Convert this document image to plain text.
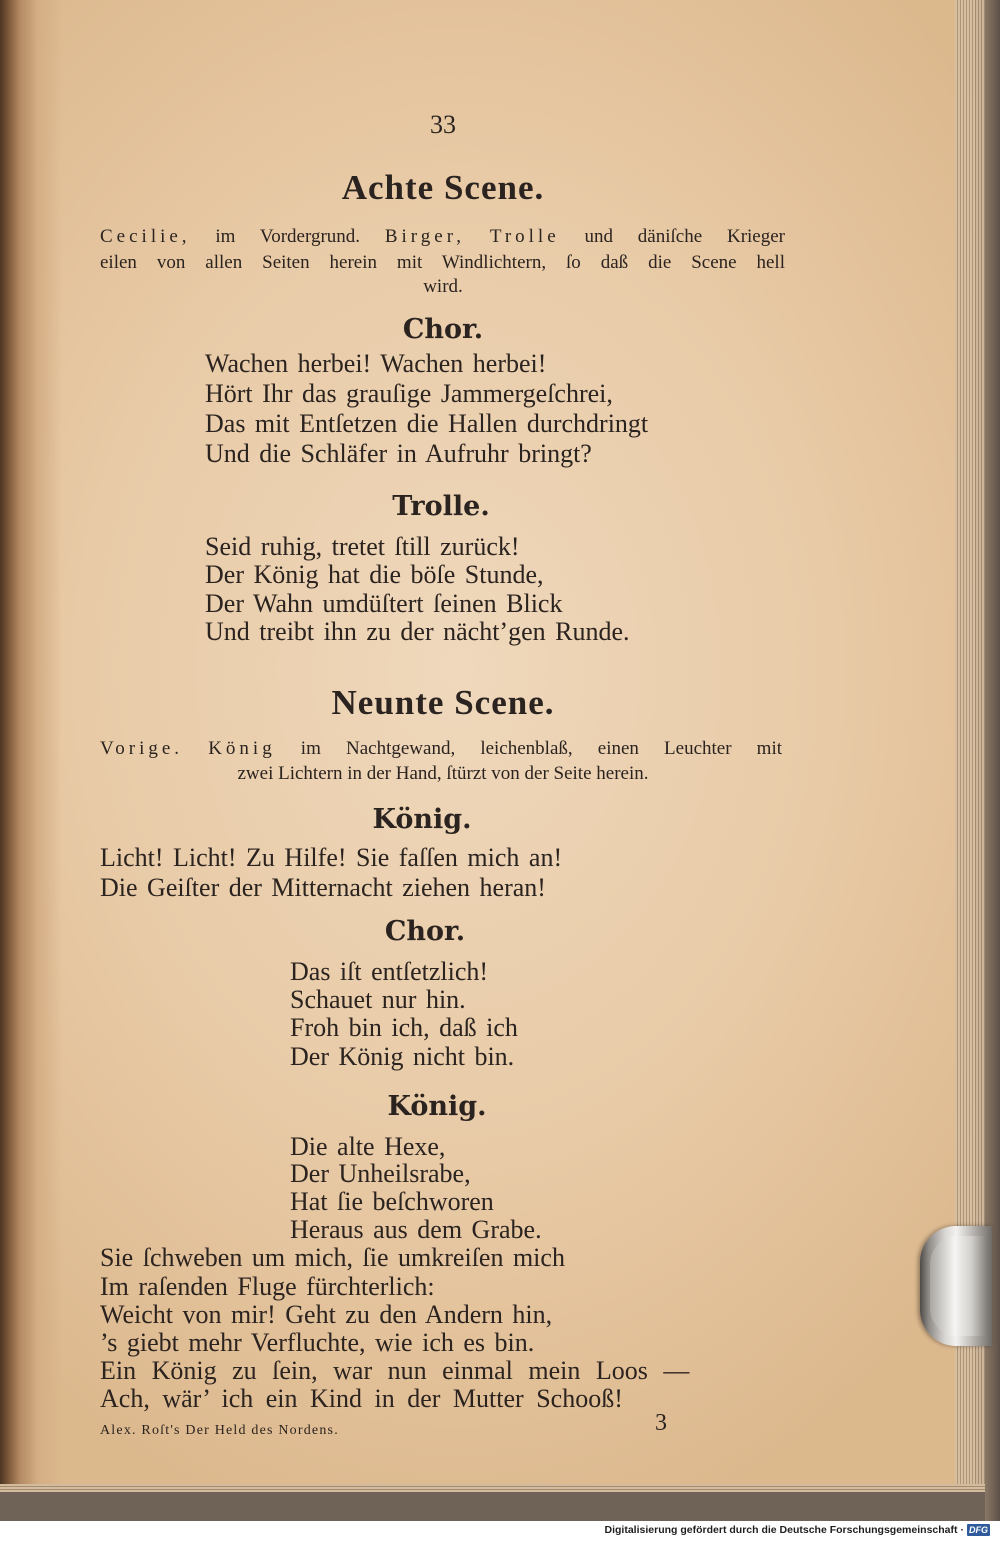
33
Achte Scene.
Cecilie, im Vordergrund. Birger, Trolle und däniſche Krieger
eilen von allen Seiten herein mit Windlichtern, ſo daß die Scene hell
wird.
Chor.
Wachen herbei! Wachen herbei!
Hört Ihr das grauſige Jammergeſchrei,
Das mit Entſetzen die Hallen durchdringt
Und die Schläfer in Aufruhr bringt?
Trolle.
Seid ruhig, tretet ſtill zurück!
Der König hat die böſe Stunde,
Der Wahn umdüſtert ſeinen Blick
Und treibt ihn zu der nächt’gen Runde.
Neunte Scene.
Vorige. König im Nachtgewand, leichenblaß, einen Leuchter mit
zwei Lichtern in der Hand, ſtürzt von der Seite herein.
König.
Licht! Licht! Zu Hilfe! Sie faſſen mich an!
Die Geiſter der Mitternacht ziehen heran!
Chor.
Das iſt entſetzlich!
Schauet nur hin.
Froh bin ich, daß ich
Der König nicht bin.
König.
Die alte Hexe,
Der Unheilsrabe,
Hat ſie beſchworen
Heraus aus dem Grabe.
Sie ſchweben um mich, ſie umkreiſen mich
Im raſenden Fluge fürchterlich:
Weicht von mir! Geht zu den Andern hin,
’s giebt mehr Verfluchte, wie ich es bin.
Ein König zu ſein, war nun einmal mein Loos —
Ach, wär’ ich ein Kind in der Mutter Schooß!
Alex. Roſt's Der Held des Nordens.	3
Digitalisierung gefördert durch die Deutsche Forschungsgemeinschaft · DFG
